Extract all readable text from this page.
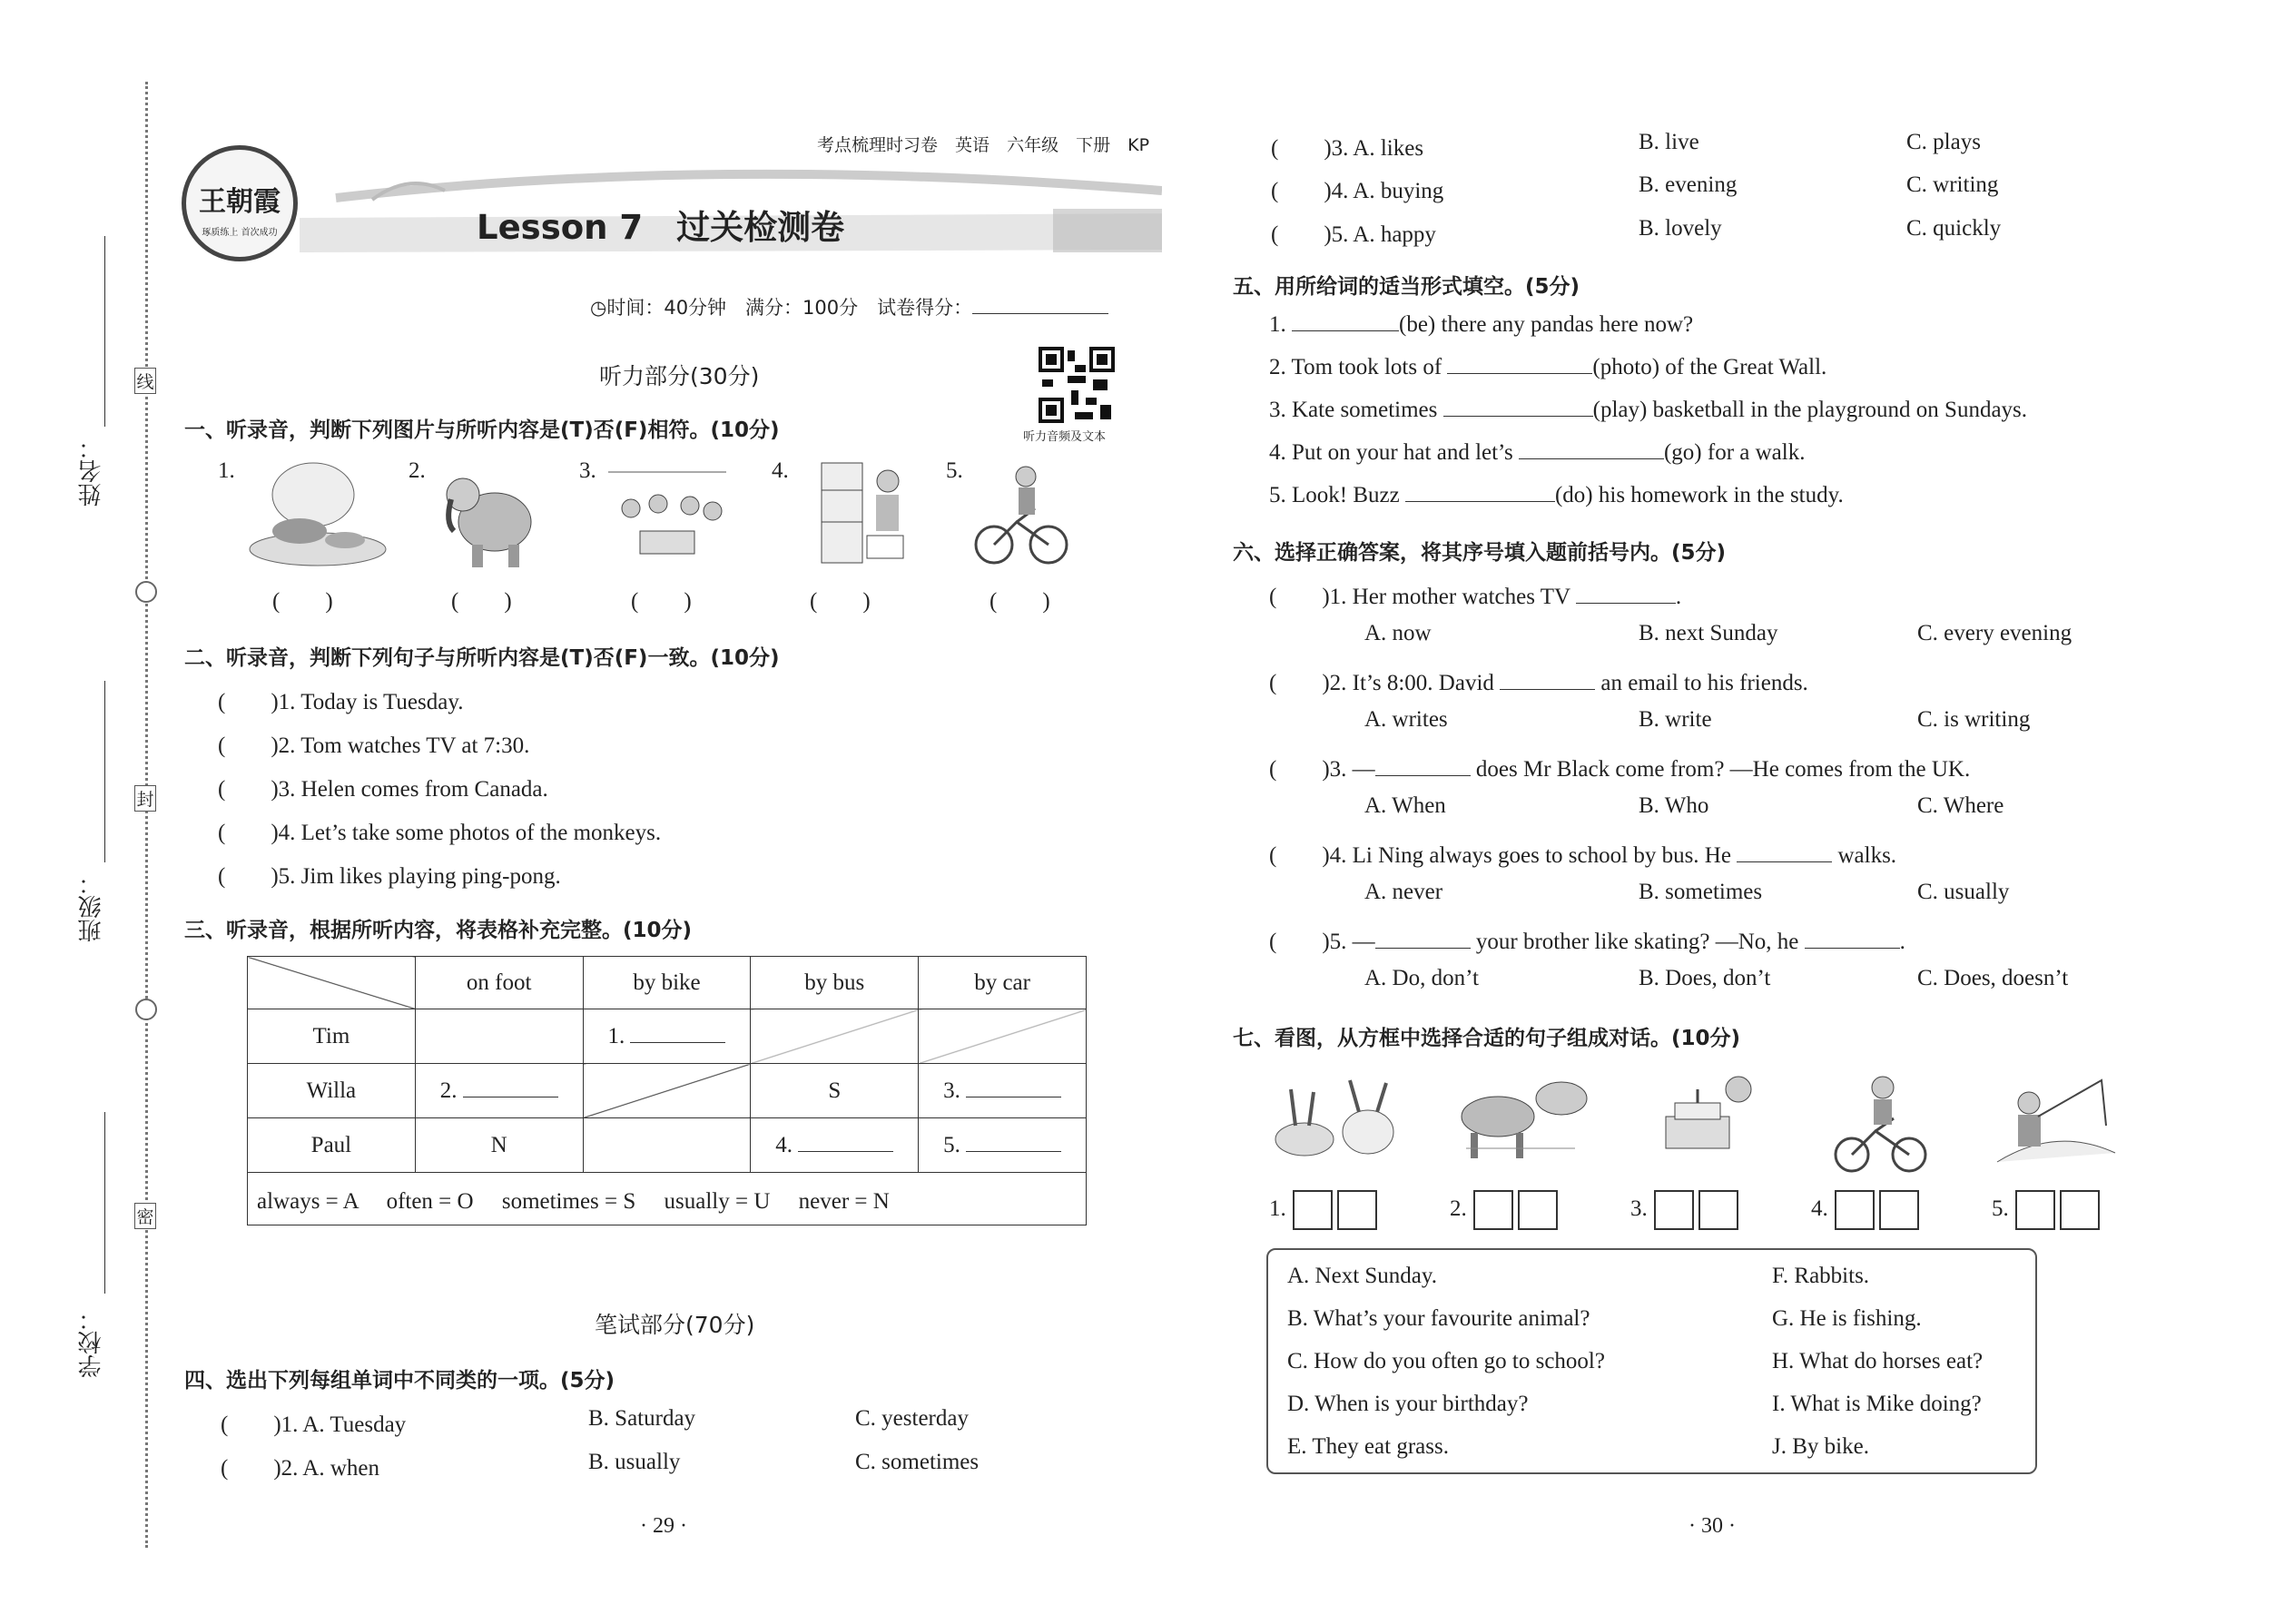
姓名：
班级：
学校：
线
封
密
考点梳理时习卷　 英语　 六年级　 下册　 KP
王朝霞
琢质练上 首次成功	Lesson 7　过关检测卷
◷时间：40分钟　满分：100分　试卷得分：
听力音频及文本
听力部分(30分)
一、听录音，判断下列图片与所听内容是(T)否(F)相符。(10分)
1.	2.	3.	4.	5.
(　　)	(　　)	(　　)	(　　)	(　　)
二、听录音，判断下列句子与所听内容是(T)否(F)一致。(10分)
(　　)1. Today is Tuesday.
(　　)2. Tom watches TV at 7:30.
(　　)3. Helen comes from Canada.
(　　)4. Let’s take some photos of the monkeys.
(　　)5. Jim likes playing ping-pong.
三、听录音，根据所听内容，将表格补充完整。(10分)
	on foot	by bike	by bus	by car
Tim		1.		
Willa	2.		S	3.
Paul	N		4.	5.
always = A　 often = O　 sometimes = S　 usually = U　 never = N				
笔试部分(70分)
四、选出下列每组单词中不同类的一项。(5分)
(　　)1. A. Tuesday	B. Saturday	C. yesterday
(　　)2. A. when	B. usually	C. sometimes
· 29 ·
(　　)3. A. likes	B. live	C. plays
(　　)4. A. buying	B. evening	C. writing
(　　)5. A. happy	B. lovely	C. quickly
五、用所给词的适当形式填空。(5分)
1.	(be) there any pandas here now?
2. Tom took lots of	(photo) of the Great Wall.
3. Kate sometimes	(play) basketball in the playground on Sundays.
4. Put on your hat and let’s	(go) for a walk.
5. Look! Buzz	(do) his homework in the study.
六、选择正确答案，将其序号填入题前括号内。(5分)
(　　)1. Her mother watches TV	.
A. now	B. next Sunday	C. every evening
(　　)2. It’s 8:00. David	an email to his friends.
A. writes	B. write	C. is writing
(　　)3. —	does Mr Black come from? —He comes from the UK.
A. When	B. Who	C. Where
(　　)4. Li Ning always goes to school by bus. He	walks.
A. never	B. sometimes	C. usually
(　　)5. —	your brother like skating? —No, he	.
A. Do, don’t	B. Does, don’t	C. Does, doesn’t
七、看图，从方框中选择合适的句子组成对话。(10分)
1.	2.	3.	4.	5.
A. Next Sunday.
B. What’s your favourite animal?
C. How do you often go to school?
D. When is your birthday?
E. They eat grass.
F. Rabbits.
G. He is fishing.
H. What do horses eat?
I. What is Mike doing?
J. By bike.
· 30 ·
